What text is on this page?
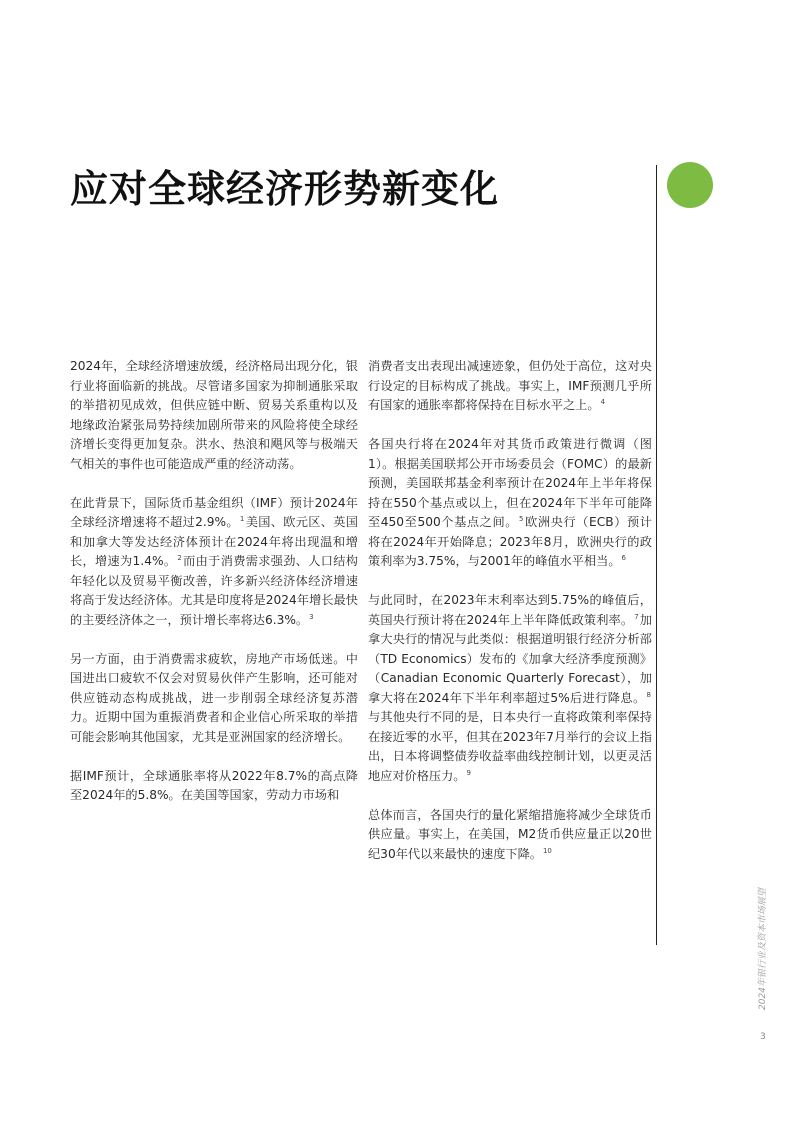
应对全球经济形势新变化

2024年，全球经济增速放缓，经济格局出现分化，银行业将面临新的挑战。尽管诸多国家为抑制通胀采取的举措初见成效，但供应链中断、贸易关系重构以及地缘政治紧张局势持续加剧所带来的风险将使全球经济增长变得更加复杂。洪水、热浪和飓风等与极端天气相关的事件也可能造成严重的经济动荡。

在此背景下，国际货币基金组织（IMF）预计2024年全球经济增速将不超过2.9%。$^1$美国、欧元区、英国和加拿大等发达经济体预计在2024年将出现温和增长，增速为1.4%。$^2$而由于消费需求强劲、人口结构年轻化以及贸易平衡改善，许多新兴经济体经济增速将高于发达经济体。尤其是印度将是2024年增长最快的主要经济体之一，预计增长率将达6.3%。$^3$

另一方面，由于消费需求疲软，房地产市场低迷。中国进出口疲软不仅会对贸易伙伴产生影响，还可能对供应链动态构成挑战，进一步削弱全球经济复苏潜力。近期中国为重振消费者和企业信心所采取的举措可能会影响其他国家，尤其是亚洲国家的经济增长。

据IMF预计，全球通胀率将从2022年8.7%的高点降至2024年的5.8%。在美国等国家，劳动力市场和

消费者支出表现出减速迹象，但仍处于高位，这对央行设定的目标构成了挑战。事实上，IMF预测几乎所有国家的通胀率都将保持在目标水平之上。$^4$

各国央行将在2024年对其货币政策进行微调（图1）。根据美国联邦公开市场委员会（FOMC）的最新预测，美国联邦基金利率预计在2024年上半年将保持在550个基点或以上，但在2024年下半年可能降至450至500个基点之间。$^5$欧洲央行（ECB）预计将在2024年开始降息；2023年8月，欧洲央行的政策利率为3.75%，与2001年的峰值水平相当。$^6$

与此同时，在2023年末利率达到5.75%的峰值后，英国央行预计将在2024年上半年降低政策利率。$^7$加拿大央行的情况与此类似：根据道明银行经济分析部（TD Economics）发布的《加拿大经济季度预测》（Canadian Economic Quarterly Forecast），加拿大将在2024年下半年利率超过5%后进行降息。$^8$与其他央行不同的是，日本央行一直将政策利率保持在接近零的水平，但其在2023年7月举行的会议上指出，日本将调整债券收益率曲线控制计划，以更灵活地应对价格压力。$^9$

总体而言，各国央行的量化紧缩措施将减少全球货币供应量。事实上，在美国，M2货币供应量正以20世纪30年代以来最快的速度下降。$^{10}$

2024年银行业及资本市场展望
3
